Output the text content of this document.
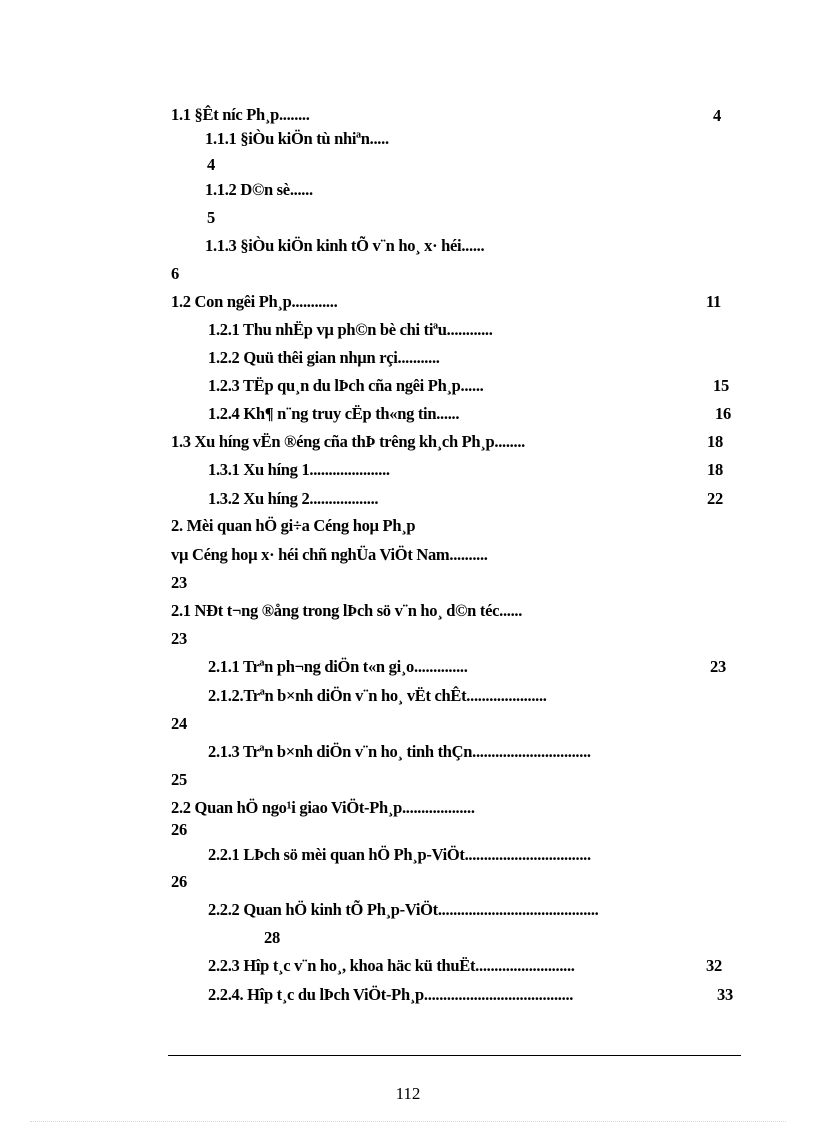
1.1 §Êt níc Ph¸p........	4
1.1.1 §iÒu kiÖn tù nhiªn.....
4
1.1.2 D©n sè......
5
1.1.3 §iÒu kiÖn kinh tÕ v¨n ho¸ x· héi......
6
1.2 Con ngêi Ph¸p............	11
1.2.1 Thu nhËp vµ ph©n bè chi tiªu............
1.2.2 Quü thêi gian nhµn rçi...........
1.2.3 TËp qu¸n du lÞch cña ngêi Ph¸p......	15
1.2.4 Kh¶ n¨ng truy cËp th«ng tin......	16
1.3 Xu híng vËn ®éng cña thÞ trêng kh¸ch Ph¸p........	18
1.3.1 Xu híng 1.....................	18
1.3.2 Xu híng 2..................	22
2. Mèi quan hÖ gi÷a Céng hoµ Ph¸p
vµ Céng hoµ x· héi chñ nghÜa ViÖt Nam..........
23
2.1 NÐt t¬ng ®ång trong lÞch sö v¨n ho¸ d©n téc......
23
2.1.1 Trªn ph¬ng diÖn t«n gi¸o..............	23
2.1.2.Trªn b×nh diÖn v¨n ho¸ vËt chÊt.....................
24
2.1.3 Trªn b×nh diÖn v¨n ho¸ tinh thÇn...............................
25
2.2 Quan hÖ ngo¹i giao ViÖt-Ph¸p...................
26
2.2.1 LÞch sö mèi quan hÖ Ph¸p-ViÖt.................................
26
2.2.2 Quan hÖ kinh tÕ Ph¸p-ViÖt..........................................
28
2.2.3 Hîp t¸c v¨n ho¸, khoa häc kü thuËt..........................	32
2.2.4. Hîp t¸c du lÞch ViÖt-Ph¸p.......................................	33
112
